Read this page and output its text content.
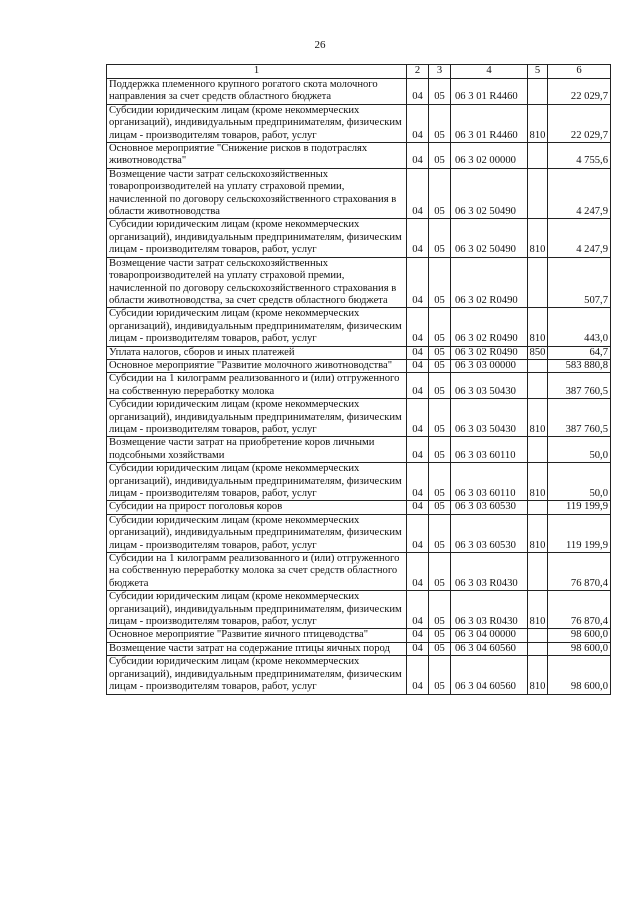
26
1	2	3	4	5	6
Поддержка племенного крупного рогатого скота молочного направления за счет средств областного бюджета	04	05	06 3 01 R4460		22 029,7
Субсидии юридическим лицам (кроме некоммерческих организаций), индивидуальным предпринимателям, физическим лицам - производителям товаров, работ, услуг	04	05	06 3 01 R4460	810	22 029,7
Основное мероприятие "Снижение рисков в подотраслях животноводства"	04	05	06 3 02 00000		4 755,6
Возмещение части затрат сельскохозяйственных товаропроизводителей на уплату страховой премии, начисленной по договору сельскохозяйственного страхования в области животноводства	04	05	06 3 02 50490		4 247,9
Субсидии юридическим лицам (кроме некоммерческих организаций), индивидуальным предпринимателям, физическим лицам - производителям товаров, работ, услуг	04	05	06 3 02 50490	810	4 247,9
Возмещение части затрат сельскохозяйственных товаропроизводителей на уплату страховой премии, начисленной по договору сельскохозяйственного страхования в области животноводства, за счет средств областного бюджета	04	05	06 3 02 R0490		507,7
Субсидии юридическим лицам (кроме некоммерческих организаций), индивидуальным предпринимателям, физическим лицам - производителям товаров, работ, услуг	04	05	06 3 02 R0490	810	443,0
Уплата налогов, сборов и иных платежей	04	05	06 3 02 R0490	850	64,7
Основное мероприятие "Развитие молочного животноводства"	04	05	06 3 03 00000		583 880,8
Субсидии на 1 килограмм реализованного и (или) отгруженного на собственную переработку молока	04	05	06 3 03 50430		387 760,5
Субсидии юридическим лицам (кроме некоммерческих организаций), индивидуальным предпринимателям, физическим лицам - производителям товаров, работ, услуг	04	05	06 3 03 50430	810	387 760,5
Возмещение части затрат на приобретение коров личными подсобными хозяйствами	04	05	06 3 03 60110		50,0
Субсидии юридическим лицам (кроме некоммерческих организаций), индивидуальным предпринимателям, физическим лицам - производителям товаров, работ, услуг	04	05	06 3 03 60110	810	50,0
Субсидии на прирост поголовья коров	04	05	06 3 03 60530		119 199,9
Субсидии юридическим лицам (кроме некоммерческих организаций), индивидуальным предпринимателям, физическим лицам - производителям товаров, работ, услуг	04	05	06 3 03 60530	810	119 199,9
Субсидии на 1 килограмм реализованного и (или) отгруженного на собственную переработку молока за счет средств областного бюджета	04	05	06 3 03 R0430		76 870,4
Субсидии юридическим лицам (кроме некоммерческих организаций), индивидуальным предпринимателям, физическим лицам - производителям товаров, работ, услуг	04	05	06 3 03 R0430	810	76 870,4
Основное мероприятие "Развитие яичного птицеводства"	04	05	06 3 04 00000		98 600,0
Возмещение части затрат на содержание птицы яичных пород	04	05	06 3 04 60560		98 600,0
Субсидии юридическим лицам (кроме некоммерческих организаций), индивидуальным предпринимателям, физическим лицам - производителям товаров, работ, услуг	04	05	06 3 04 60560	810	98 600,0
